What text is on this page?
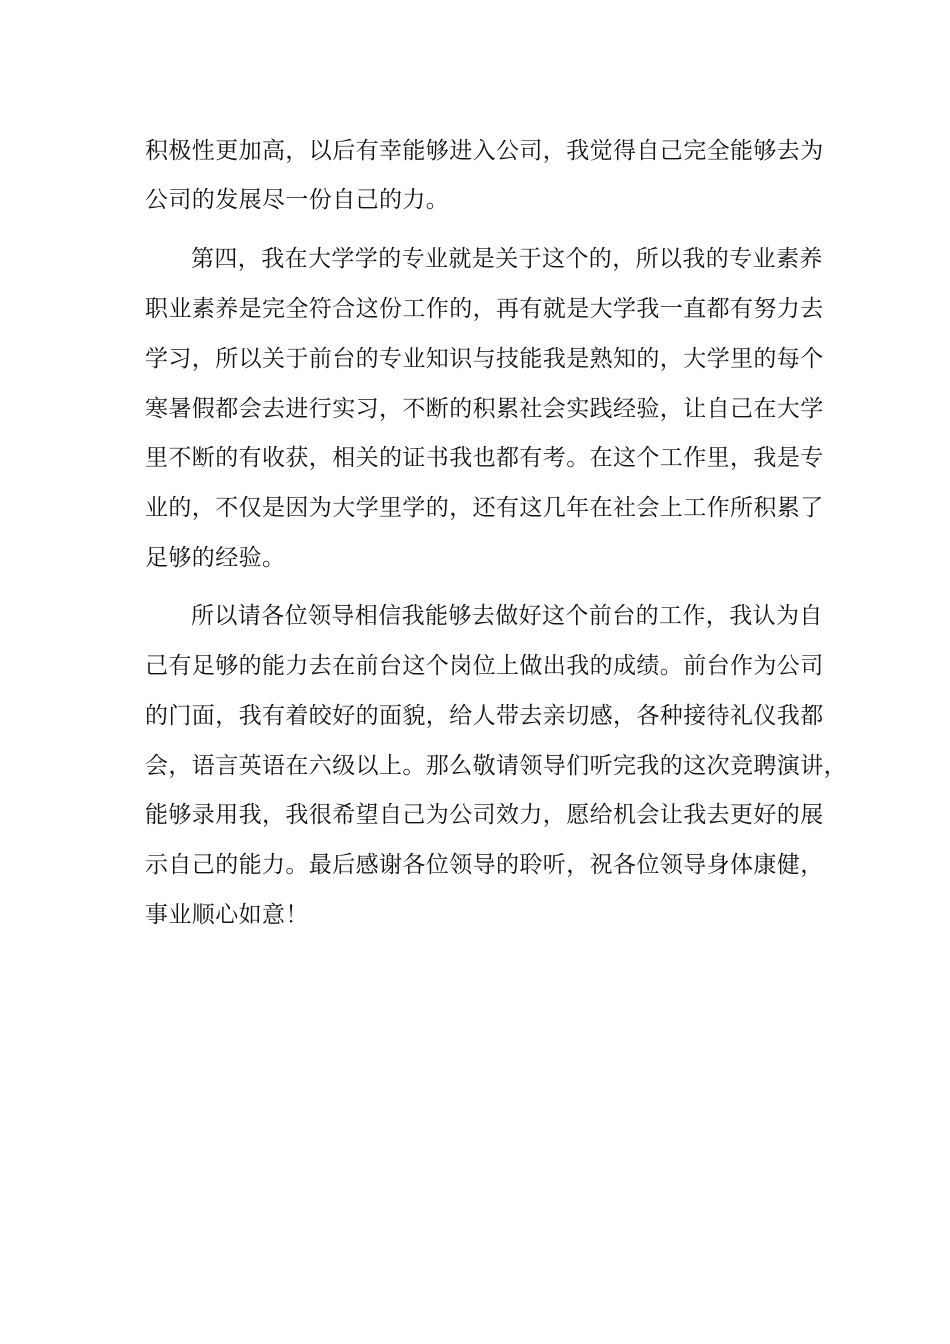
积极性更加高，以后有幸能够进入公司，我觉得自己完全能够去为
公司的发展尽一份自己的力。
第四，我在大学学的专业就是关于这个的，所以我的专业素养
职业素养是完全符合这份工作的，再有就是大学我一直都有努力去
学习，所以关于前台的专业知识与技能我是熟知的，大学里的每个
寒暑假都会去进行实习，不断的积累社会实践经验，让自己在大学
里不断的有收获，相关的证书我也都有考。在这个工作里，我是专
业的，不仅是因为大学里学的，还有这几年在社会上工作所积累了
足够的经验。
所以请各位领导相信我能够去做好这个前台的工作，我认为自
己有足够的能力去在前台这个岗位上做出我的成绩。前台作为公司
的门面，我有着皎好的面貌，给人带去亲切感，各种接待礼仪我都
会，语言英语在六级以上。那么敬请领导们听完我的这次竞聘演讲，
能够录用我，我很希望自己为公司效力，愿给机会让我去更好的展
示自己的能力。最后感谢各位领导的聆听，祝各位领导身体康健，
事业顺心如意！
